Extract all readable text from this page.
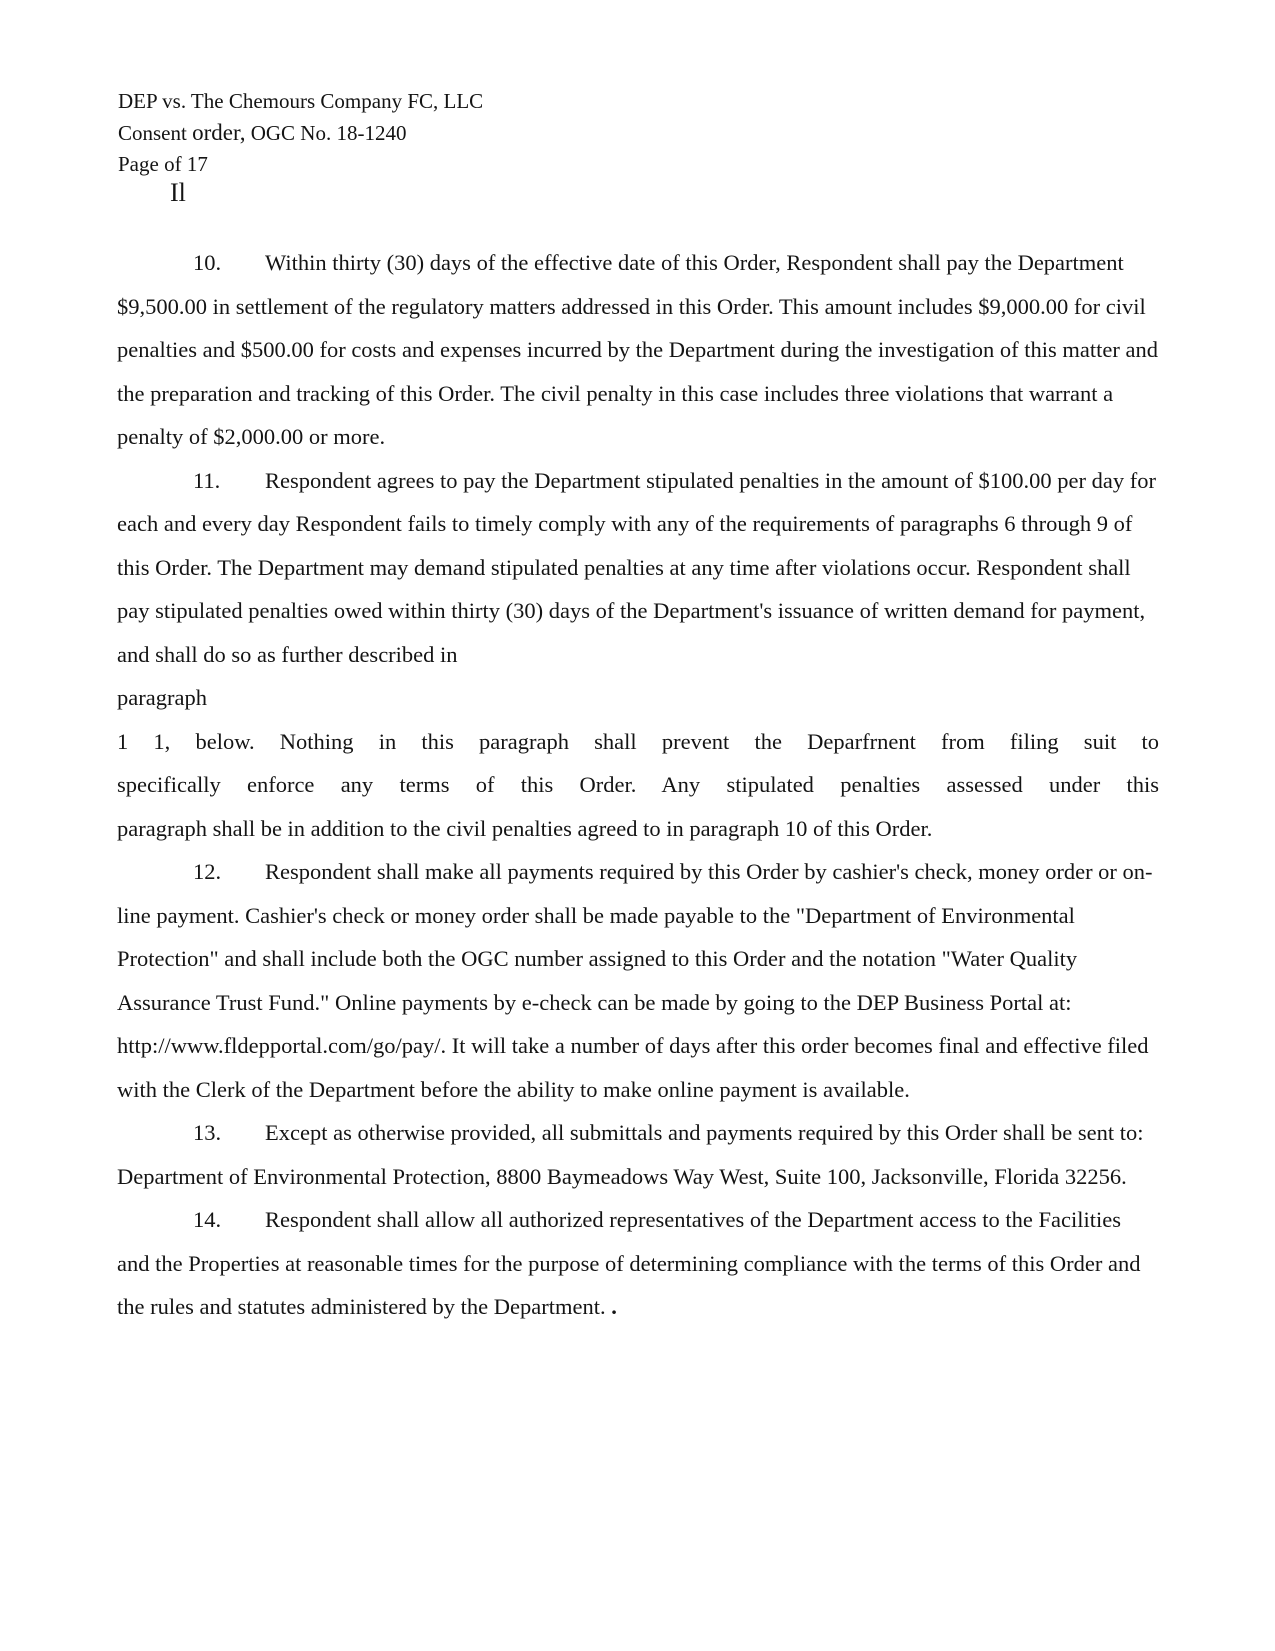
DEP vs. The Chemours Company FC, LLC
Consent order, OGC No. 18-1240
Page of 17
Il

10. Within thirty (30) days of the effective date of this Order, Respondent shall pay the Department $9,500.00 in settlement of the regulatory matters addressed in this Order. This amount includes $9,000.00 for civil penalties and $500.00 for costs and expenses incurred by the Department during the investigation of this matter and the preparation and tracking of this Order. The civil penalty in this case includes three violations that warrant a penalty of $2,000.00 or more.

11. Respondent agrees to pay the Department stipulated penalties in the amount of $100.00 per day for each and every day Respondent fails to timely comply with any of the requirements of paragraphs 6 through 9 of this Order. The Department may demand stipulated penalties at any time after violations occur. Respondent shall pay stipulated penalties owed within thirty (30) days of the Department's issuance of written demand for payment, and shall do so as further described in

paragraph
1 1, below. Nothing in this paragraph shall prevent the Deparfrnent from filing suit to
specifically enforce any terms of this Order. Any stipulated penalties assessed under this
paragraph shall be in addition to the civil penalties agreed to in paragraph 10 of this Order.

12. Respondent shall make all payments required by this Order by cashier's check, money order or on-line payment. Cashier's check or money order shall be made payable to the "Department of Environmental Protection" and shall include both the OGC number assigned to this Order and the notation "Water Quality Assurance Trust Fund." Online payments by e-check can be made by going to the DEP Business Portal at: http://www.fldepportal.com/go/pay/. It will take a number of days after this order becomes final and effective filed with the Clerk of the Department before the ability to make online payment is available.

13. Except as otherwise provided, all submittals and payments required by this Order shall be sent to: Department of Environmental Protection, 8800 Baymeadows Way West, Suite 100, Jacksonville, Florida 32256.

14. Respondent shall allow all authorized representatives of the Department access to the Facilities and the Properties at reasonable times for the purpose of determining compliance with the terms of this Order and the rules and statutes administered by the Department. .
